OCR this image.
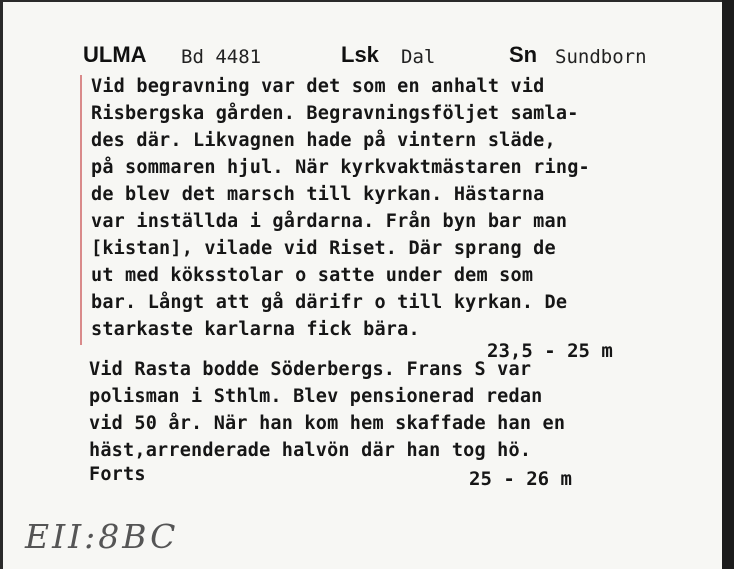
ULMA Bd 4481	Lsk Dal	Sn Sundborn
Vid begravning var det som en anhalt vid
Risbergska gården. Begravningsföljet samla-
des där. Likvagnen hade på vintern släde,
på sommaren hjul. När kyrkvaktmästaren ring-
de blev det marsch till kyrkan. Hästarna
var inställda i gårdarna. Från byn bar man
[kistan], vilade vid Riset. Där sprang de
ut med köksstolar o satte under dem som
bar. Långt att gå därifr o till kyrkan. De
starkaste karlarna fick bära.
23,5 - 25 m
Vid Rasta bodde Söderbergs. Frans S var
polisman i Sthlm. Blev pensionerad redan
vid 50 år. När han kom hem skaffade han en
häst,arrenderade halvön där han tog hö.
Forts	25 - 26 m
EII:8BC
